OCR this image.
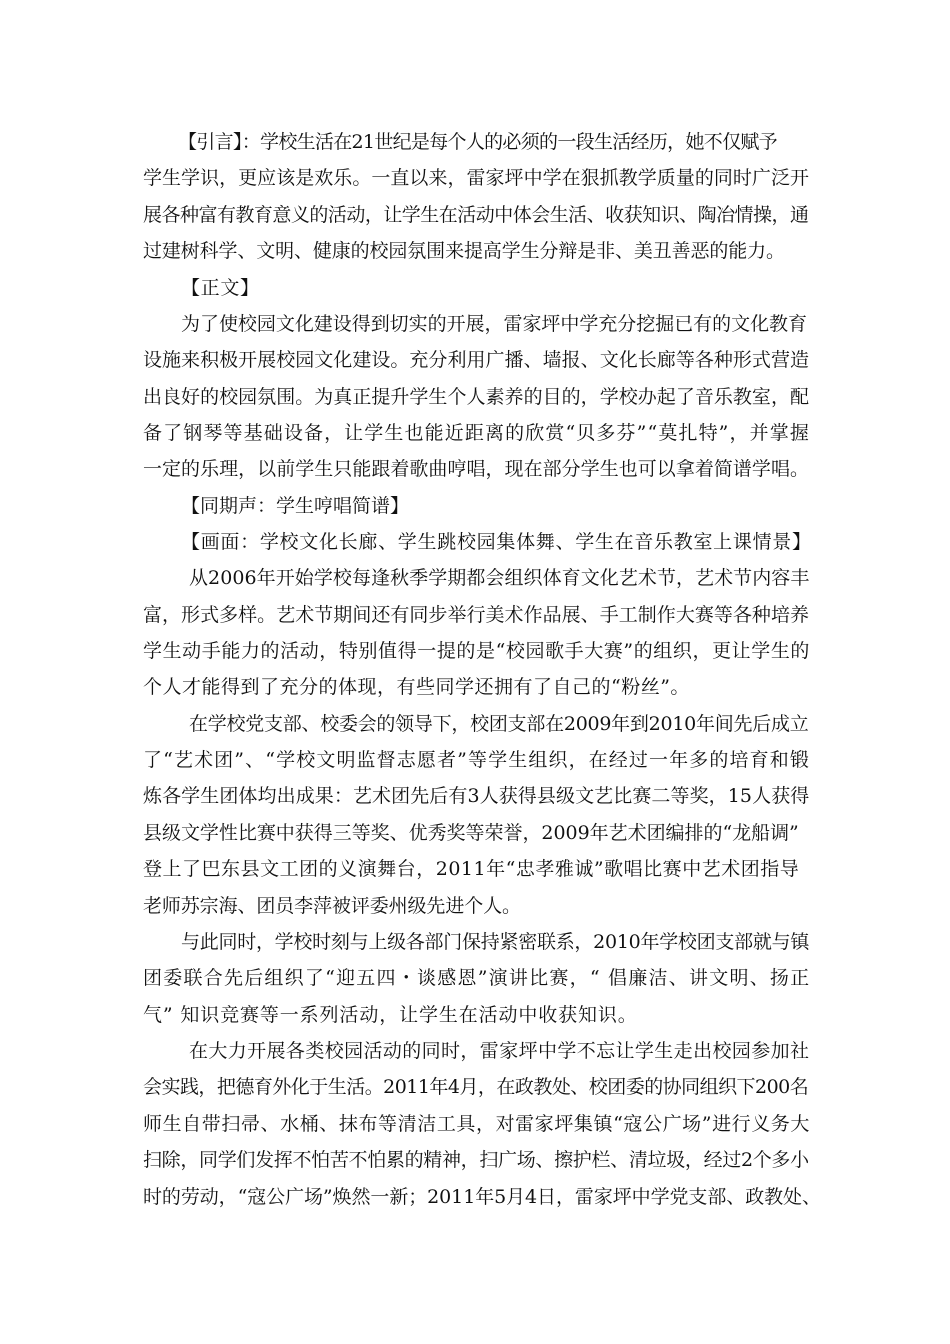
【引言】：学校生活在21世纪是每个人的必须的一段生活经历，她不仅赋予
学生学识，更应该是欢乐。一直以来，雷家坪中学在狠抓教学质量的同时广泛开
展各种富有教育意义的活动，让学生在活动中体会生活、收获知识、陶冶情操，通
过建树科学、文明、健康的校园氛围来提高学生分辩是非、美丑善恶的能力。
【正文】
为了使校园文化建设得到切实的开展，雷家坪中学充分挖掘已有的文化教育
设施来积极开展校园文化建设。充分利用广播、墙报、文化长廊等各种形式营造
出良好的校园氛围。为真正提升学生个人素养的目的，学校办起了音乐教室，配
备了钢琴等基础设备，让学生也能近距离的欣赏“贝多芬”“莫扎特”，并掌握
一定的乐理，以前学生只能跟着歌曲哼唱，现在部分学生也可以拿着简谱学唱。
【同期声：学生哼唱简谱】
【画面：学校文化长廊、学生跳校园集体舞、学生在音乐教室上课情景】
从2006年开始学校每逢秋季学期都会组织体育文化艺术节，艺术节内容丰
富，形式多样。艺术节期间还有同步举行美术作品展、手工制作大赛等各种培养
学生动手能力的活动，特别值得一提的是“校园歌手大赛”的组织，更让学生的
个人才能得到了充分的体现，有些同学还拥有了自己的“粉丝”。
在学校党支部、校委会的领导下，校团支部在2009年到2010年间先后成立
了“艺术团”、“学校文明监督志愿者”等学生组织，在经过一年多的培育和锻
炼各学生团体均出成果：艺术团先后有3人获得县级文艺比赛二等奖，15人获得
县级文学性比赛中获得三等奖、优秀奖等荣誉，2009年艺术团编排的“龙船调”
登上了巴东县文工团的义演舞台，2011年“忠孝雅诚”歌唱比赛中艺术团指导
老师苏宗海、团员李萍被评委州级先进个人。
与此同时，学校时刻与上级各部门保持紧密联系，2010年学校团支部就与镇
团委联合先后组织了“迎五四・谈感恩”演讲比赛，“ 倡廉洁、讲文明、扬正
气” 知识竞赛等一系列活动，让学生在活动中收获知识。
在大力开展各类校园活动的同时，雷家坪中学不忘让学生走出校园参加社
会实践，把德育外化于生活。2011年4月，在政教处、校团委的协同组织下200名
师生自带扫帚、水桶、抹布等清洁工具，对雷家坪集镇“寇公广场”进行义务大
扫除，同学们发挥不怕苦不怕累的精神，扫广场、擦护栏、清垃圾，经过2个多小
时的劳动，“寇公广场”焕然一新；2011年5月4日，雷家坪中学党支部、政教处、
